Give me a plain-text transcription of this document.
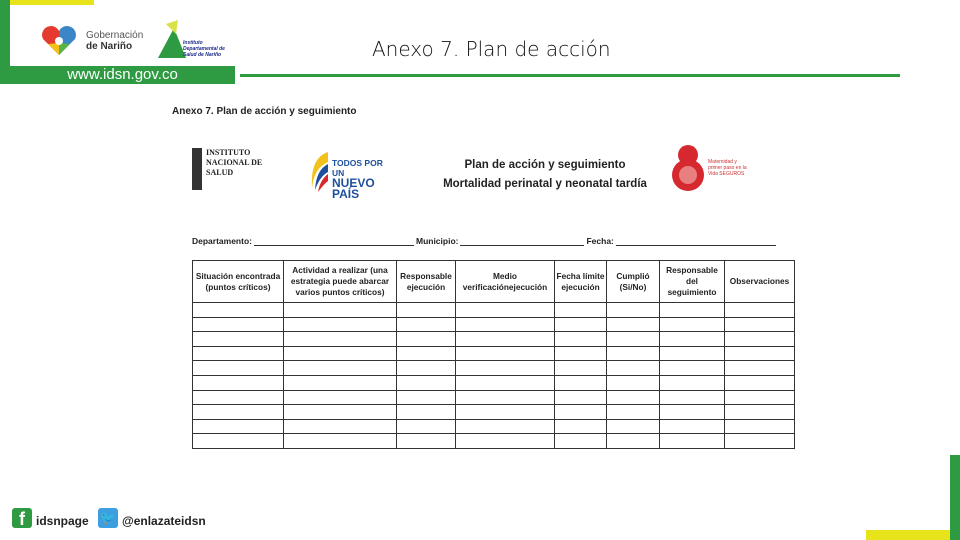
Gobernación
de Nariño	Instituto Departamental de Salud de Nariño	Anexo 7. Plan de acción
www.idsn.gov.co
Anexo 7. Plan de acción y seguimiento
INSTITUTO
NACIONAL DE
SALUD
TODOS POR UN
NUEVO PAÍS
Plan de acción y seguimiento
Mortalidad perinatal y neonatal tardía
Maternidad y primer paso en la Vida SEGUROS
Departamento:	Municipio:	Fecha:
Situación encontrada (puntos críticos)	Actividad a realizar (una estrategia puede abarcar varios puntos críticos)	Responsable ejecución	Medio verificaciónejecución	Fecha límite ejecución	Cumplió (Si/No)	Responsable del seguimiento	Observaciones

f idsnpage 🐦 @enlazateidsn
